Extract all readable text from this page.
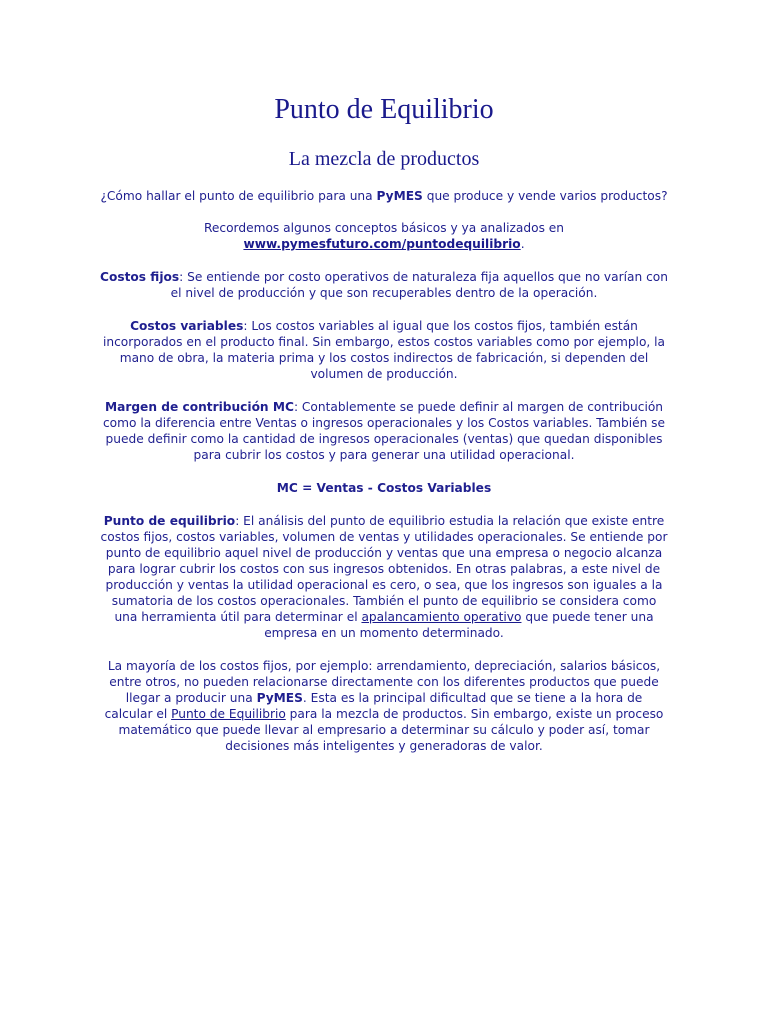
Punto de Equilibrio
La mezcla de productos

¿Cómo hallar el punto de equilibrio para una PyMES que produce y vende varios productos?

Recordemos algunos conceptos básicos y ya analizados en www.pymesfuturo.com/puntodequilibrio.

Costos fijos: Se entiende por costo operativos de naturaleza fija aquellos que no varían con el nivel de producción y que son recuperables dentro de la operación.

Costos variables: Los costos variables al igual que los costos fijos, también están incorporados en el producto final. Sin embargo, estos costos variables como por ejemplo, la mano de obra, la materia prima y los costos indirectos de fabricación, si dependen del volumen de producción.

Margen de contribución MC: Contablemente se puede definir al margen de contribución como la diferencia entre Ventas o ingresos operacionales y los Costos variables. También se puede definir como la cantidad de ingresos operacionales (ventas) que quedan disponibles para cubrir los costos y para generar una utilidad operacional.

MC = Ventas - Costos Variables

Punto de equilibrio: El análisis del punto de equilibrio estudia la relación que existe entre costos fijos, costos variables, volumen de ventas y utilidades operacionales. Se entiende por punto de equilibrio aquel nivel de producción y ventas que una empresa o negocio alcanza para lograr cubrir los costos con sus ingresos obtenidos. En otras palabras, a este nivel de producción y ventas la utilidad operacional es cero, o sea, que los ingresos son iguales a la sumatoria de los costos operacionales. También el punto de equilibrio se considera como una herramienta útil para determinar el apalancamiento operativo que puede tener una empresa en un momento determinado.

La mayoría de los costos fijos, por ejemplo: arrendamiento, depreciación, salarios básicos, entre otros, no pueden relacionarse directamente con los diferentes productos que puede llegar a producir una PyMES. Esta es la principal dificultad que se tiene a la hora de calcular el Punto de Equilibrio para la mezcla de productos. Sin embargo, existe un proceso matemático que puede llevar al empresario a determinar su cálculo y poder así, tomar decisiones más inteligentes y generadoras de valor.
